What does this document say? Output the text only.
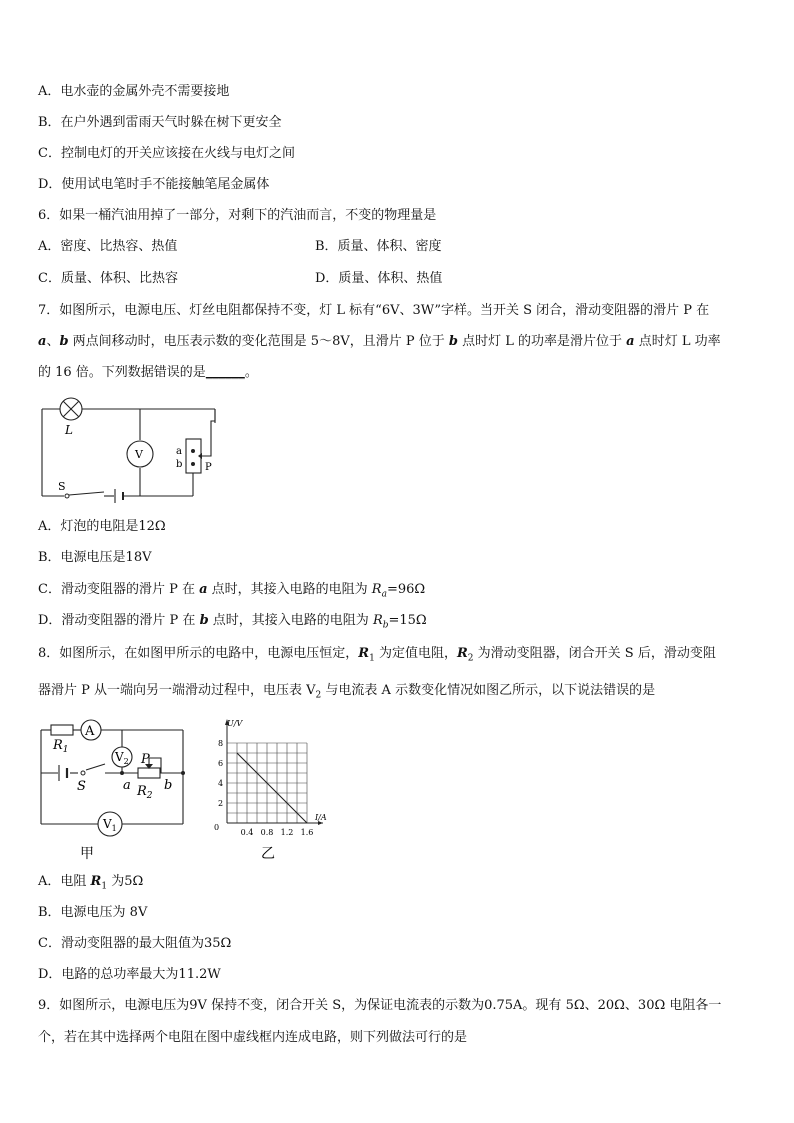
A．电水壶的金属外壳不需要接地
B．在户外遇到雷雨天气时躲在树下更安全
C．控制电灯的开关应该接在火线与电灯之间
D．使用试电笔时手不能接触笔尾金属体
6．如果一桶汽油用掉了一部分，对剩下的汽油而言，不变的物理量是
A．密度、比热容、热值	B．质量、体积、密度
C．质量、体积、比热容	D．质量、体积、热值
7．如图所示，电源电压、灯丝电阻都保持不变，灯 L 标有“6V、3W”字样。当开关 S 闭合，滑动变阻器的滑片 P 在
a、b 两点间移动时，电压表示数的变化范围是 5～8V，且滑片 P 位于 b 点时灯 L 的功率是滑片位于 a 点时灯 L 功率
的 16 倍。下列数据错误的是______。
L
V
S
a
b P
A．灯泡的电阻是12Ω
B．电源电压是18V
C．滑动变阻器的滑片 P 在 a 点时，其接入电路的电阻为 $R_a=96\Omega$
D．滑动变阻器的滑片 P 在 b 点时，其接入电路的电阻为 $R_b=15\Omega$
8．如图所示，在如图甲所示的电路中，电源电压恒定，$R_1$ 为定值电阻，$R_2$ 为滑动变阻器，闭合开关 S 后，滑动变阻
器滑片 P 从一端向另一端滑动过程中，电压表 $V_2$ 与电流表 A 示数变化情况如图乙所示，以下说法错误的是
A
$V_2$
$V_1$
$R_1$
S
P
a $R_2$
b
甲
U/V
I/A
0
2
4
6
8
0.4 0.8 1.2 1.6
乙
A．电阻 $R_1$ 为5Ω
B．电源电压为 8V
C．滑动变阻器的最大阻值为35Ω
D．电路的总功率最大为11.2W
9．如图所示，电源电压为9V 保持不变，闭合开关 S，为保证电流表的示数为0.75A。现有 5Ω、20Ω、30Ω 电阻各一
个，若在其中选择两个电阻在图中虚线框内连成电路，则下列做法可行的是
